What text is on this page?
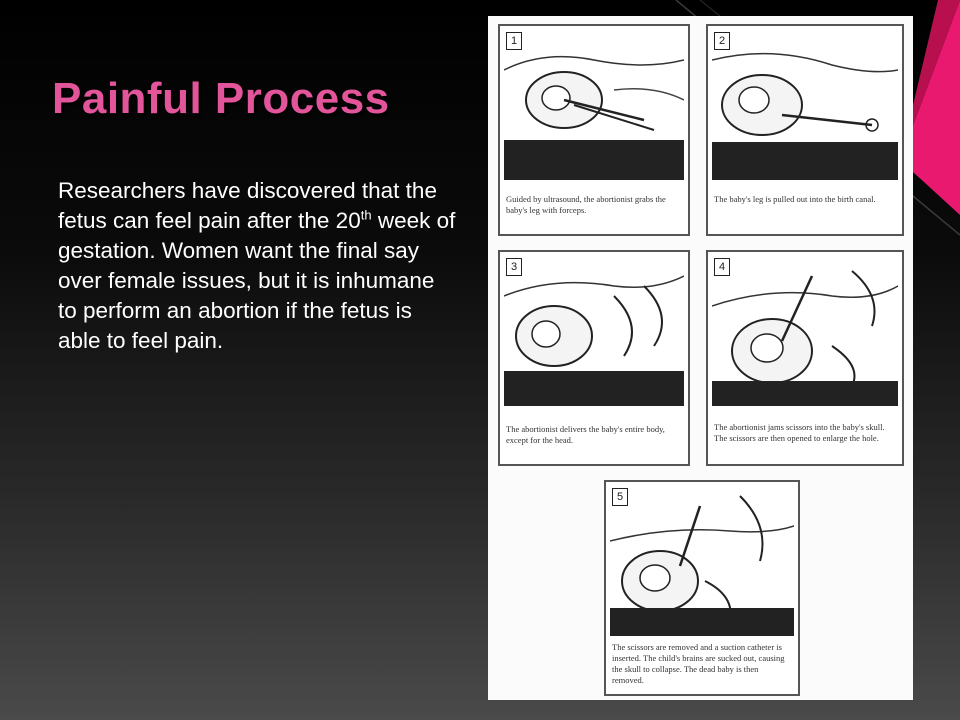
Painful Process

Researchers have discovered that the fetus can feel pain after the 20th week of gestation. Women want the final say over female issues, but it is inhumane to perform an abortion if the fetus is able to feel pain.

1
Guided by ultrasound, the abortionist grabs the baby's leg with forceps.
2
The baby's leg is pulled out into the birth canal.
3
The abortionist delivers the baby's entire body, except for the head.
4
The abortionist jams scissors into the baby's skull. The scissors are then opened to enlarge the hole.
5
The scissors are removed and a suction catheter is inserted. The child's brains are sucked out, causing the skull to collapse. The dead baby is then removed.
